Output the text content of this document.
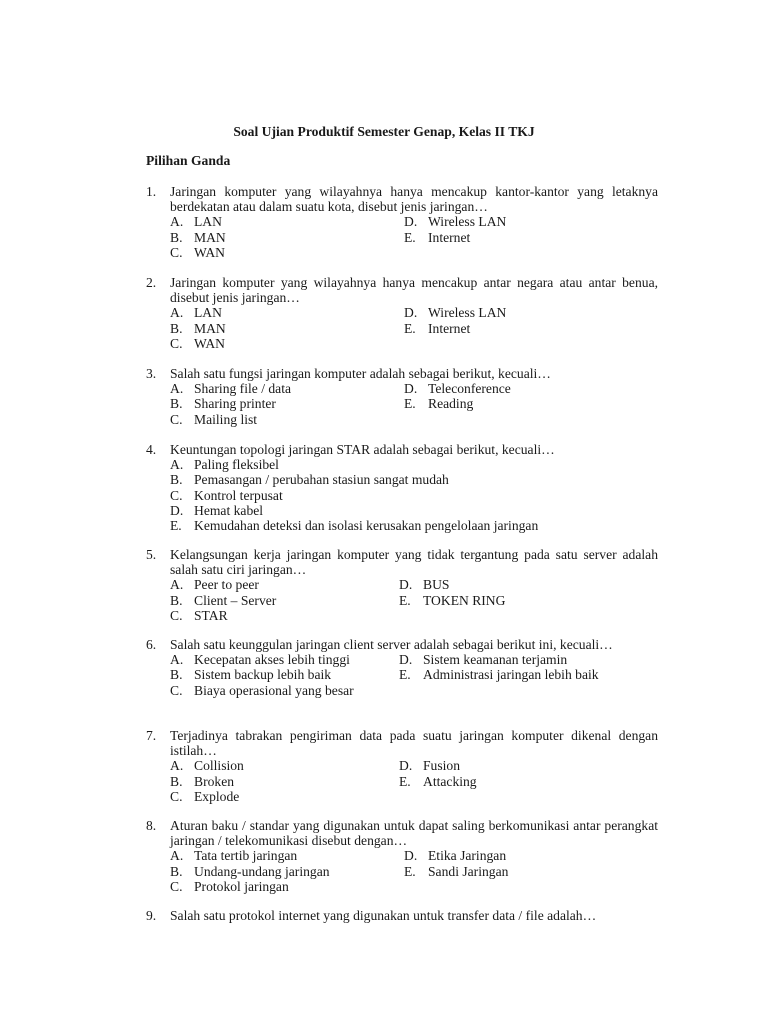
Soal Ujian Produktif Semester Genap, Kelas II TKJ
Pilihan Ganda
1.	Jaringan komputer yang wilayahnya hanya mencakup kantor-kantor yang letaknya berdekatan atau dalam suatu kota, disebut jenis jaringan…
A. LAN	D. Wireless LAN
B. MAN	E. Internet
C. WAN
2.	Jaringan komputer yang wilayahnya hanya mencakup antar negara atau antar benua, disebut jenis jaringan…
A. LAN	D. Wireless LAN
B. MAN	E. Internet
C. WAN
3.	Salah satu fungsi jaringan komputer adalah sebagai berikut, kecuali…
A. Sharing file / data	D. Teleconference
B. Sharing printer	E. Reading
C. Mailing list
4.	Keuntungan topologi jaringan STAR adalah sebagai berikut, kecuali…
A. Paling fleksibel
B. Pemasangan / perubahan stasiun sangat mudah
C. Kontrol terpusat
D. Hemat kabel
E. Kemudahan deteksi dan isolasi kerusakan pengelolaan jaringan
5.	Kelangsungan kerja jaringan komputer yang tidak tergantung pada satu server adalah salah satu ciri jaringan…
A. Peer to peer	D. BUS
B. Client – Server	E. TOKEN RING
C. STAR
6.	Salah satu keunggulan jaringan client server adalah sebagai berikut ini, kecuali…
A. Kecepatan akses lebih tinggi	D. Sistem keamanan terjamin
B. Sistem backup lebih baik	E. Administrasi jaringan lebih baik
C. Biaya operasional yang besar
7.	Terjadinya tabrakan pengiriman data pada suatu jaringan komputer dikenal dengan istilah…
A. Collision	D. Fusion
B. Broken	E. Attacking
C. Explode
8.	Aturan baku / standar yang digunakan untuk dapat saling berkomunikasi antar perangkat jaringan / telekomunikasi disebut dengan…
A. Tata tertib jaringan	D. Etika Jaringan
B. Undang-undang jaringan	E. Sandi Jaringan
C. Protokol jaringan
9.	Salah satu protokol internet yang digunakan untuk transfer data / file adalah…
